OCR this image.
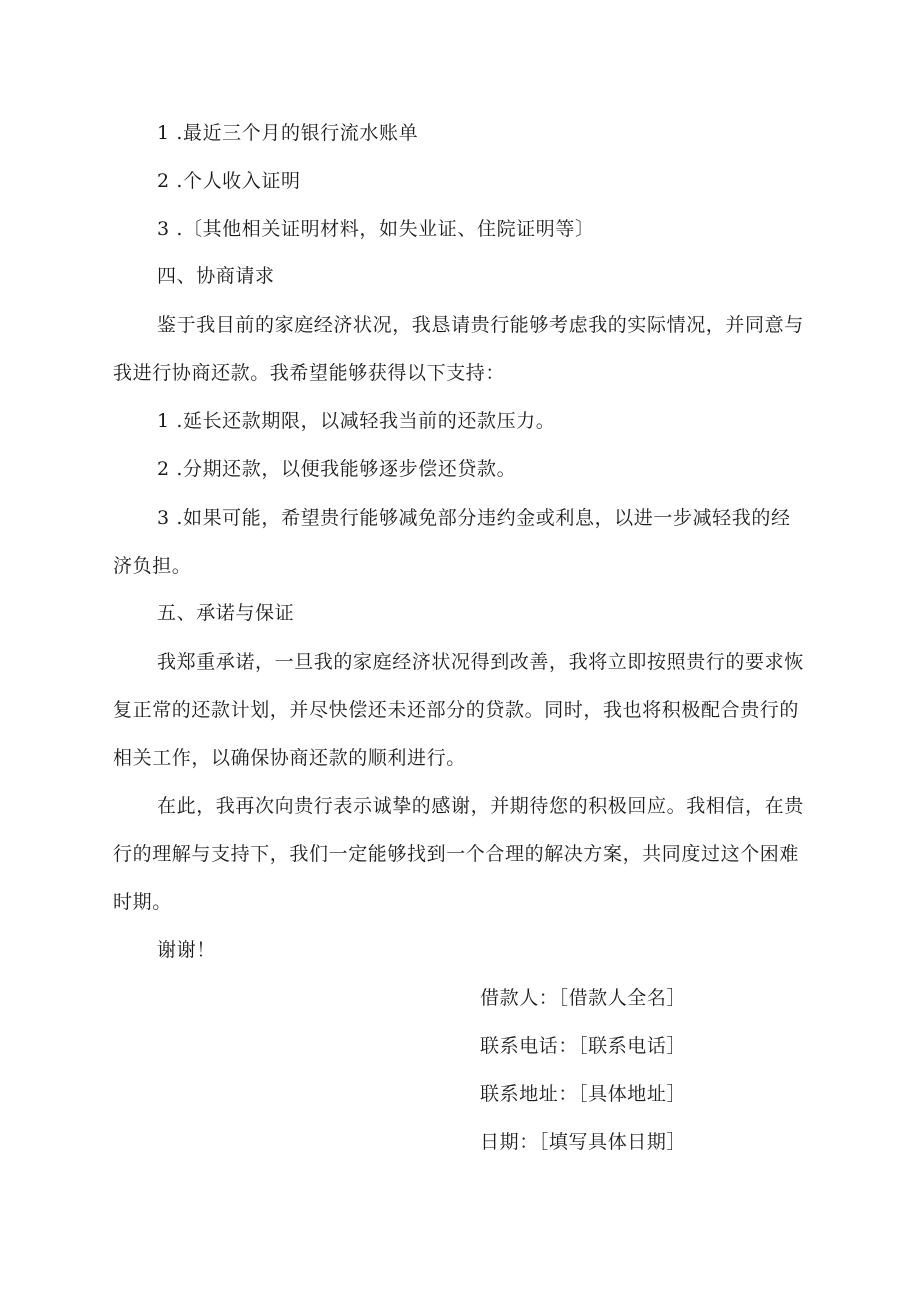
1 .最近三个月的银行流水账单
2 .个人收入证明
3 .〔其他相关证明材料，如失业证、住院证明等〕
四、协商请求
鉴于我目前的家庭经济状况，我恳请贵行能够考虑我的实际情况，并同意与
我进行协商还款。我希望能够获得以下支持：
1 .延长还款期限，以减轻我当前的还款压力。
2 .分期还款，以便我能够逐步偿还贷款。
3 .如果可能，希望贵行能够减免部分违约金或利息，以进一步减轻我的经
济负担。
五、承诺与保证
我郑重承诺，一旦我的家庭经济状况得到改善，我将立即按照贵行的要求恢
复正常的还款计划，并尽快偿还未还部分的贷款。同时，我也将积极配合贵行的
相关工作，以确保协商还款的顺利进行。
在此，我再次向贵行表示诚挚的感谢，并期待您的积极回应。我相信，在贵
行的理解与支持下，我们一定能够找到一个合理的解决方案，共同度过这个困难
时期。
谢谢！
借款人：［借款人全名］
联系电话：［联系电话］
联系地址：［具体地址］
日期：［填写具体日期］
